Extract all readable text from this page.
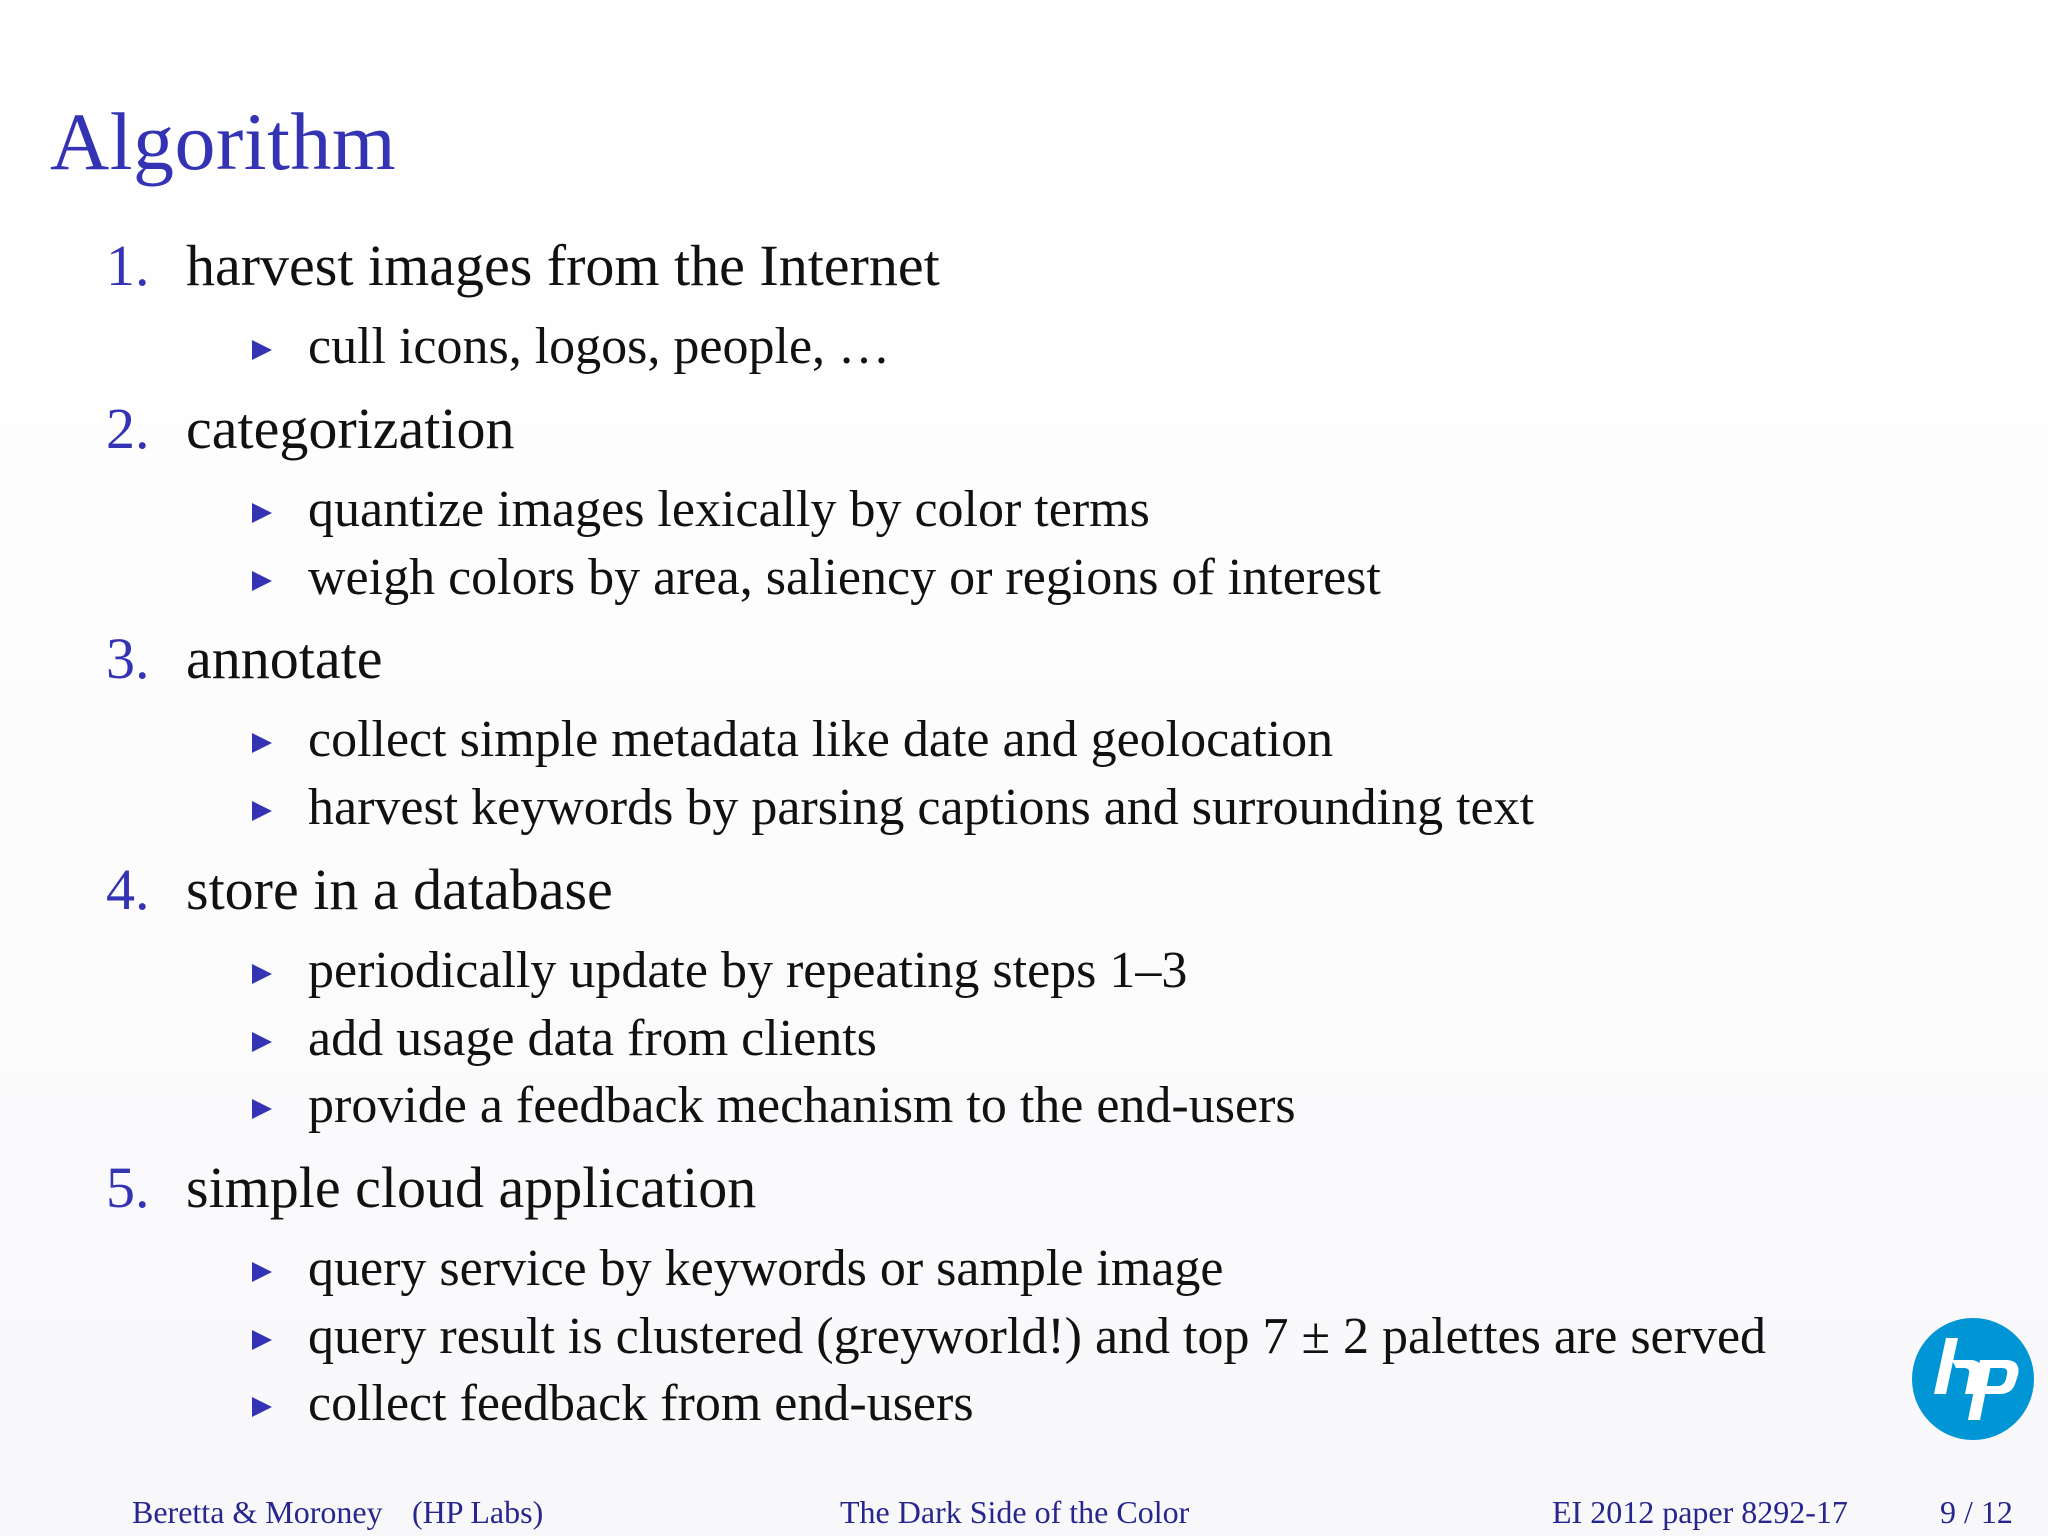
Algorithm
1. harvest images from the Internet
cull icons, logos, people, …
2. categorization
quantize images lexically by color terms
weigh colors by area, saliency or regions of interest
3. annotate
collect simple metadata like date and geolocation
harvest keywords by parsing captions and surrounding text
4. store in a database
periodically update by repeating steps 1–3
add usage data from clients
provide a feedback mechanism to the end-users
5. simple cloud application
query service by keywords or sample image
query result is clustered (greyworld!) and top 7 ± 2 palettes are served
collect feedback from end-users
Beretta & Moroney (HP Labs)	The Dark Side of the Color	EI 2012 paper 8292-17	9 / 12
